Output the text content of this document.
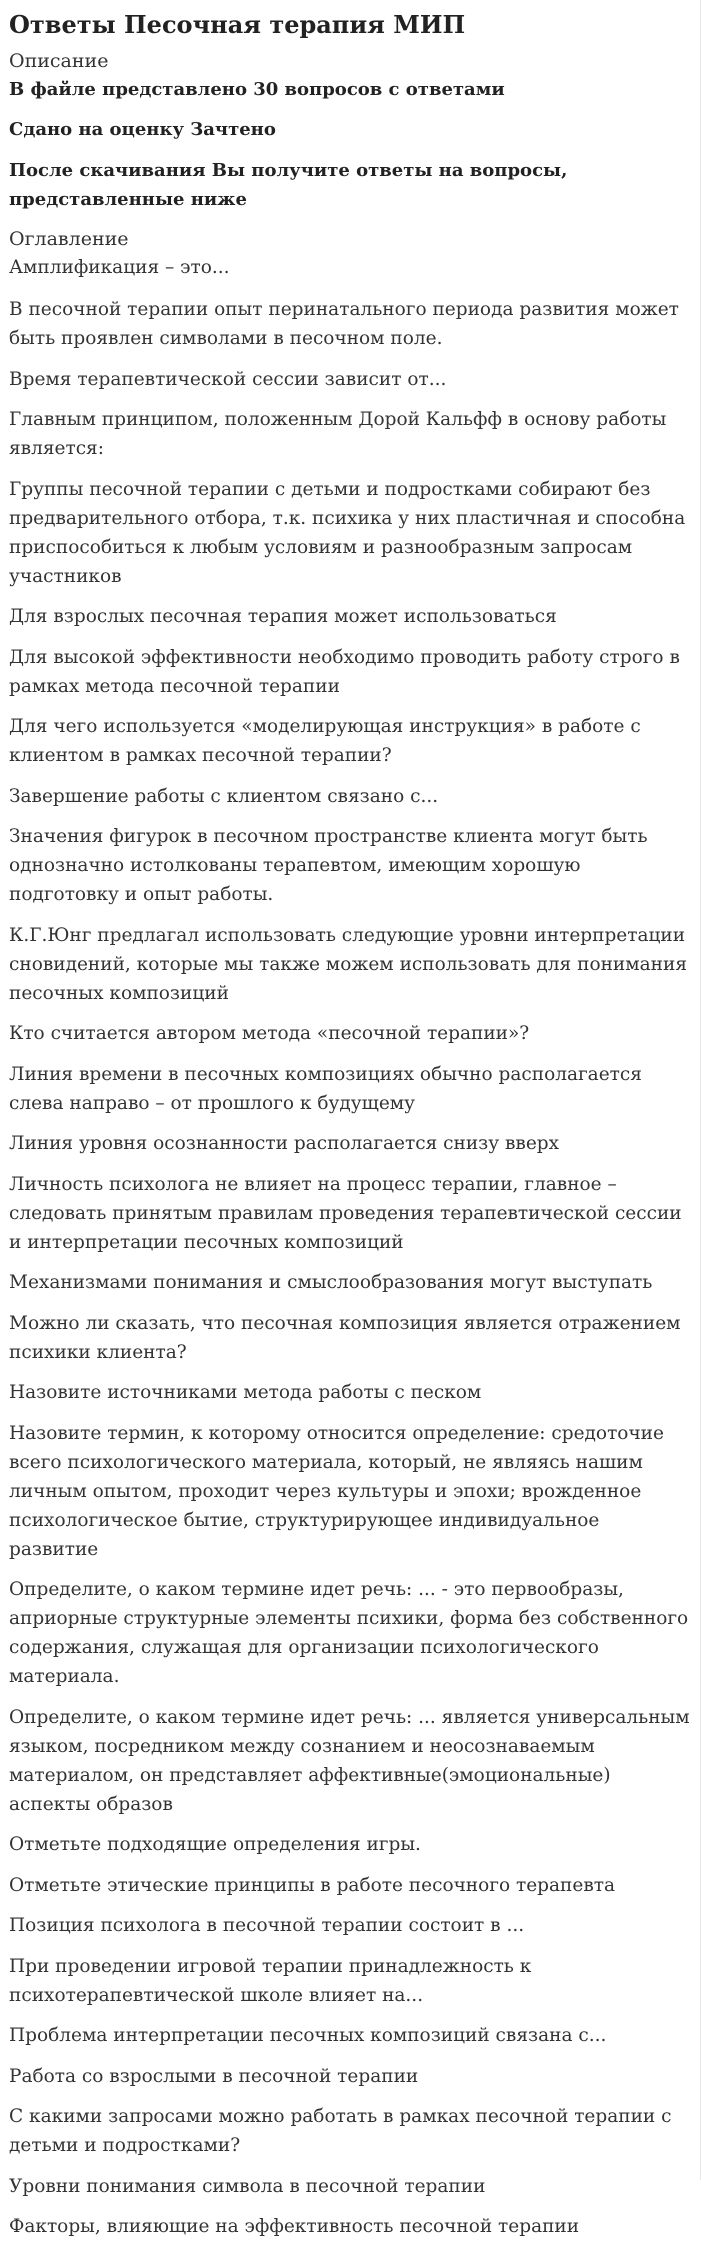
Ответы Песочная терапия МИП
Описание

В файле представлено 30 вопросов с ответами

Сдано на оценку Зачтено

После скачивания Вы получите ответы на вопросы, представленные ниже

Оглавление
Амплификация – это...
В песочной терапии опыт перинатального периода развития может быть проявлен символами в песочном поле.
Время терапевтической сессии зависит от...
Главным принципом, положенным Дорой Кальфф в основу работы является:
Группы песочной терапии с детьми и подростками собирают без предварительного отбора, т.к. психика у них пластичная и способна приспособиться к любым условиям и разнообразным запросам участников
Для взрослых песочная терапия может использоваться
Для высокой эффективности необходимо проводить работу строго в рамках метода песочной терапии
Для чего используется «моделирующая инструкция» в работе с клиентом в рамках песочной терапии?
Завершение работы с клиентом связано с...
Значения фигурок в песочном пространстве клиента могут быть однозначно истолкованы терапевтом, имеющим хорошую подготовку и опыт работы.
К.Г.Юнг предлагал использовать следующие уровни интерпретации сновидений, которые мы также можем использовать для понимания песочных композиций
Кто считается автором метода «песочной терапии»?
Линия времени в песочных композициях обычно располагается слева направо – от прошлого к будущему
Линия уровня осознанности располагается снизу вверх
Личность психолога не влияет на процесс терапии, главное – следовать принятым правилам проведения терапевтической сессии и интерпретации песочных композиций
Механизмами понимания и смыслообразования могут выступать
Можно ли сказать, что песочная композиция является отражением психики клиента?
Назовите источниками метода работы с песком
Назовите термин, к которому относится определение: средоточие всего психологического материала, который, не являясь нашим личным опытом, проходит через культуры и эпохи; врожденное психологическое бытие, структурирующее индивидуальное развитие
Определите, о каком термине идет речь: ... - это первообразы, априорные структурные элементы психики, форма без собственного содержания, служащая для организации психологического материала.
Определите, о каком термине идет речь: ... является универсальным языком, посредником между сознанием и неосознаваемым материалом, он представляет аффективные(эмоциональные) аспекты образов
Отметьте подходящие определения игры.
Отметьте этические принципы в работе песочного терапевта
Позиция психолога в песочной терапии состоит в ...
При проведении игровой терапии принадлежность к психотерапевтической школе влияет на...
Проблема интерпретации песочных композиций связана с...
Работа со взрослыми в песочной терапии
С какими запросами можно работать в рамках песочной терапии с детьми и подростками?
Уровни понимания символа в песочной терапии
Факторы, влияющие на эффективность песочной терапии
